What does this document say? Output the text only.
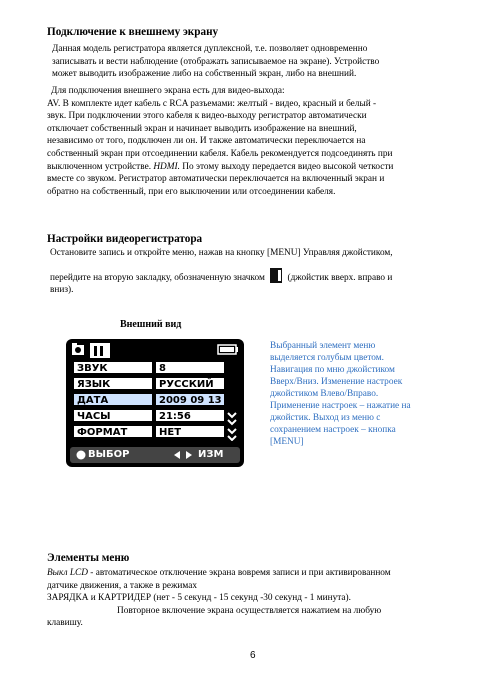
Подключение к внешнему экрану

Данная модель регистратора является дуплексной, т.е. позволяет одновременно

записывать и вести наблюдение (отображать записываемое на экране). Устройство

может выводить изображение либо на собственный экран, либо на внешний.

Для подключения внешнего экрана есть для видео-выхода:

AV. В комплекте идет кабель с RCA разъемами: желтый - видео, красный и белый -

звук. При подключении этого кабеля к видео-выходу регистратор автоматически

отключает собственный экран и начинает выводить изображение на внешний,

независимо от того, подключен ли он. И также автоматически переключается на

собственный экран при отсоединении кабеля. Кабель рекомендуется подсоединять при

выключенном устройстве. HDMI. По этому выходу передается видео высокой четкости

вместе со звуком. Регистратор автоматически переключается на включенный экран и

обратно на собственный, при его выключении или отсоединении кабеля.

Настройки видеорегистратора

Остановите запись и откройте меню, нажав на кнопку [MENU] Управляя джойстиком,

перейдите на вторую закладку, обозначенную значком (джойстик вверх. вправо и

вниз).

Внешний вид
ЗВУК	8
ЯЗЫК	РУССКИЙ
ДАТА	2009 09 13
ЧАСЫ	21:56
ФОРМАТ	НЕТ
ВЫБОР	ИЗМ
Выбранный элемент меню
выделяется голубым цветом.
Навигация по мню джойстиком
Вверх/Вниз. Изменение настроек
джойстиком Влево/Вправо.
Применение настроек – нажатие на
джойстик. Выход из меню с
сохранением настроек – кнопка
[MENU]
Элементы меню

Выкл LCD - автоматическое отключение экрана вовремя записи и при активированном

датчике движения, а также в режимах

ЗАРЯДКА и КАРТРИДЕР (нет - 5 секунд - 15 секунд -30 секунд - 1 минута).

Повторное включение экрана осуществляется нажатием на любую

клавишу.

6
